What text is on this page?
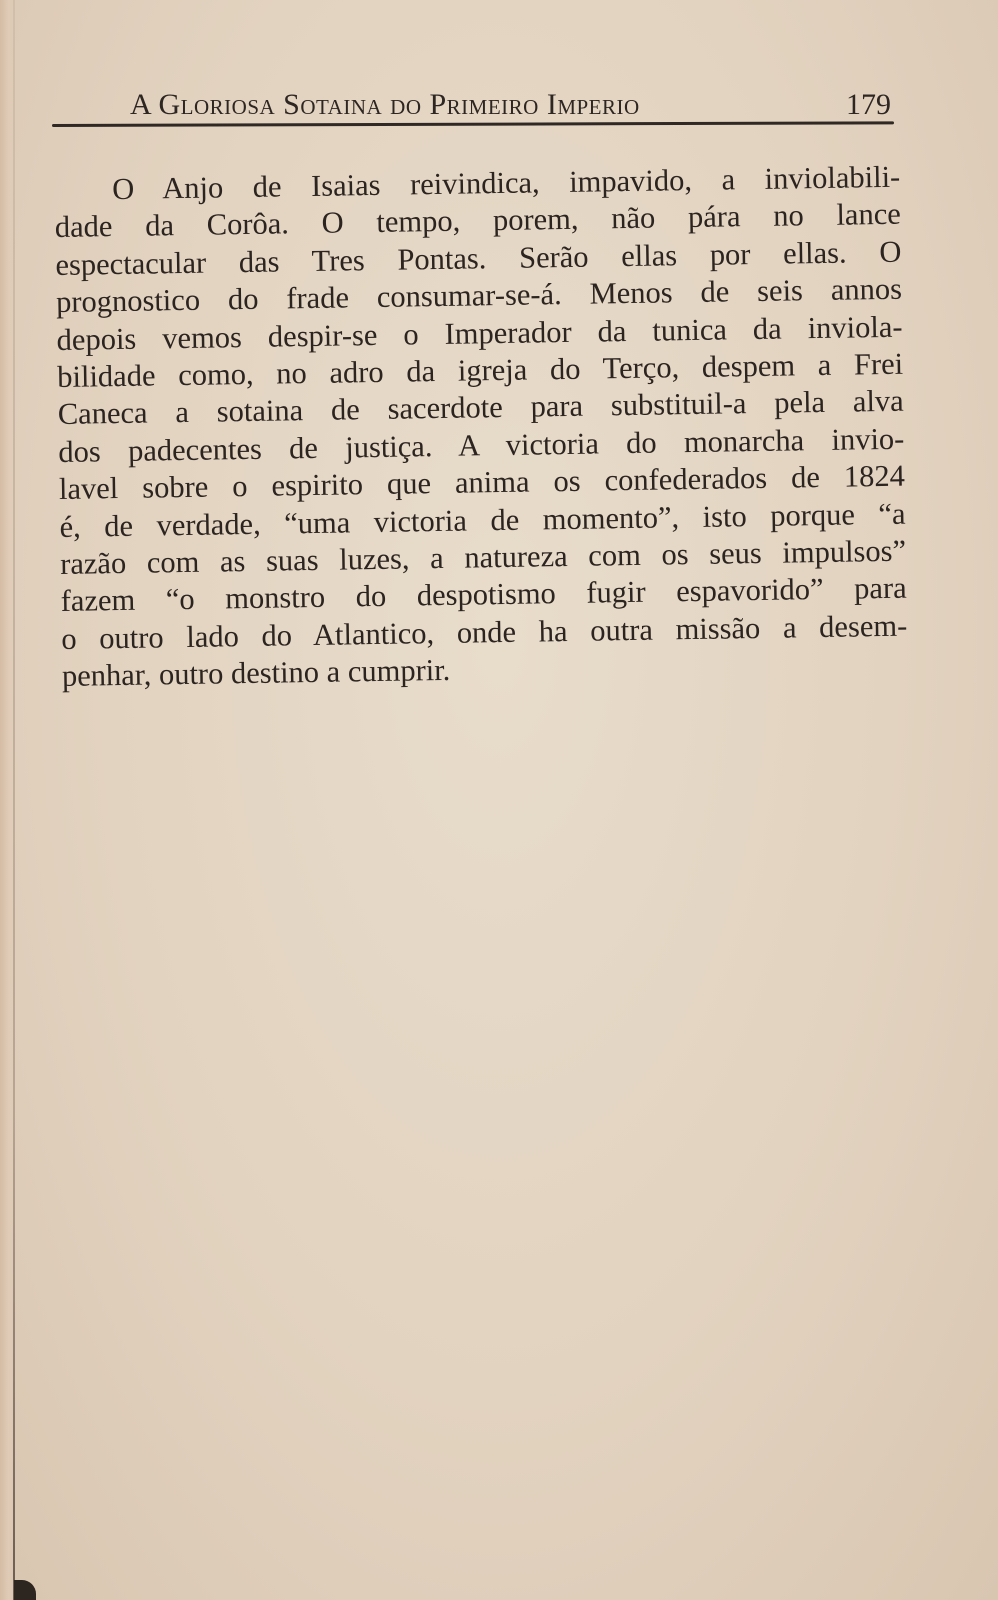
A Gloriosa Sotaina do Primeiro Imperio	179
O Anjo de Isaias reivindica, impavido, a inviolabili-
dade da Corôa. O tempo, porem, não pára no lance
espectacular das Tres Pontas. Serão ellas por ellas. O
prognostico do frade consumar-se-á. Menos de seis annos
depois vemos despir-se o Imperador da tunica da inviola-
bilidade como, no adro da igreja do Terço, despem a Frei
Caneca a sotaina de sacerdote para substituil-a pela alva
dos padecentes de justiça. A victoria do monarcha invio-
lavel sobre o espirito que anima os confederados de 1824
é, de verdade, “uma victoria de momento”, isto porque “a
razão com as suas luzes, a natureza com os seus impulsos”
fazem “o monstro do despotismo fugir espavorido” para
o outro lado do Atlantico, onde ha outra missão a desem-
penhar, outro destino a cumprir.
